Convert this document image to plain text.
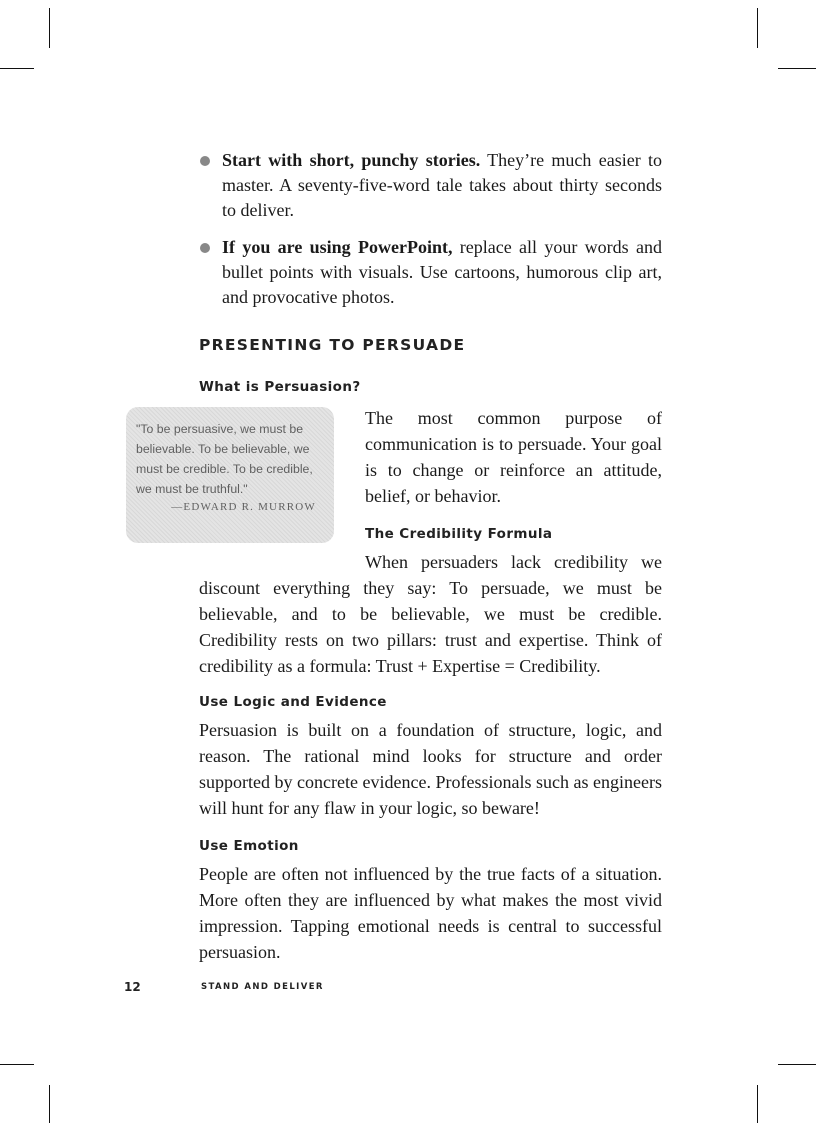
Start with short, punchy stories. They’re much easier to master. A seventy-five-word tale takes about thirty seconds to deliver.
If you are using PowerPoint, replace all your words and bullet points with visuals. Use cartoons, humorous clip art, and provocative photos.
PRESENTING TO PERSUADE
What is Persuasion?

The most common purpose of communication is to persuade. Your goal is to change or reinforce an attitude, belief, or behavior.

"To be persuasive, we must be believable. To be believable, we must be credible. To be credible, we must be truthful."

—EDWARD R. MURROW

The Credibility Formula

When persuaders lack credibility we discount everything they say: To persuade, we must be believable, and to be believable, we must be credible. Credibility rests on two pillars: trust and expertise. Think of credibility as a formula: Trust + Expertise = Credibility.

Use Logic and Evidence

Persuasion is built on a foundation of structure, logic, and reason. The rational mind looks for structure and order supported by concrete evidence. Professionals such as engineers will hunt for any flaw in your logic, so beware!

Use Emotion

People are often not influenced by the true facts of a situation. More often they are influenced by what makes the most vivid impression. Tapping emotional needs is central to successful persuasion.

12	STAND AND DELIVER
